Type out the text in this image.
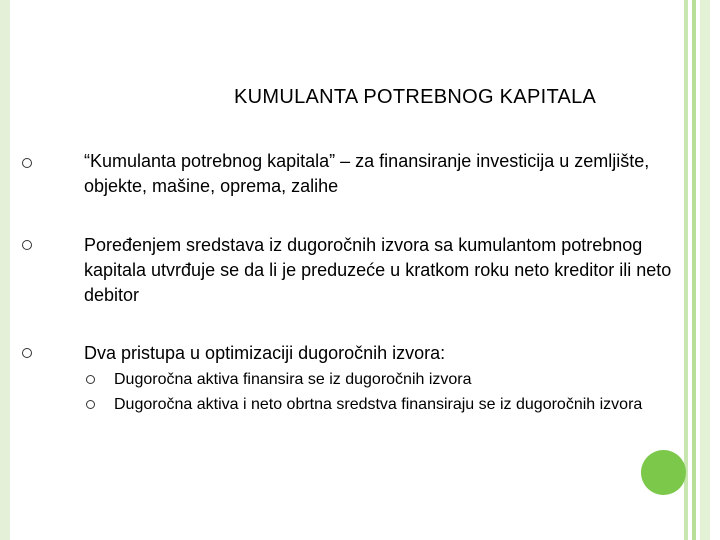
KUMULANTA POTREBNOG KAPITALA
“Kumulanta potrebnog kapitala” – za finansiranje investicija u zemljište, objekte, mašine, oprema, zalihe
Poređenjem sredstava iz dugoročnih izvora sa kumulantom potrebnog kapitala utvrđuje se da li je preduzeće u kratkom roku neto kreditor ili neto debitor
Dva pristupa u optimizaciji dugoročnih izvora:
Dugoročna aktiva finansira se iz dugoročnih izvora
Dugoročna aktiva i neto obrtna sredstva finansiraju se iz dugoročnih izvora
